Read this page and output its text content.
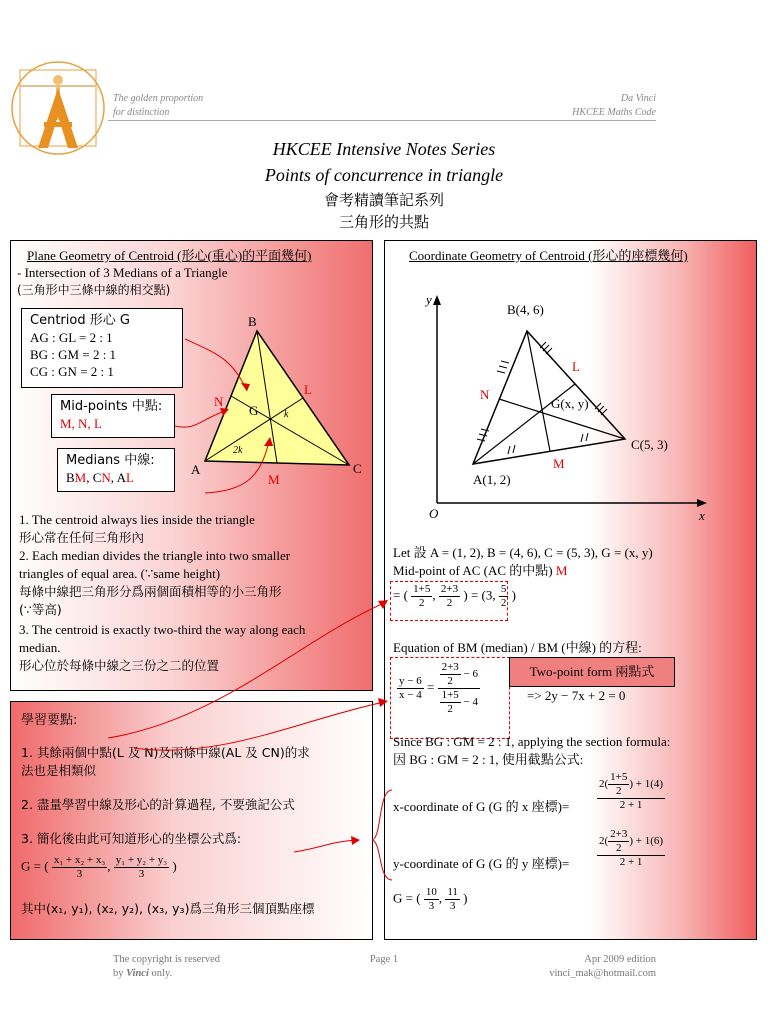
The golden proportion
for distinction
Da Vinci
HKCEE Maths Code
HKCEE Intensive Notes Series
Points of concurrence in triangle
會考精讀筆記系列
三角形的共點
Plane Geometry of Centroid (形心(重心)的平面幾何)
- Intersection of 3 Medians of a Triangle
(三角形中三條中線的相交點)
B
A	C
G
L
N
M
k
2k
Centriod 形心 G
AG : GL = 2 : 1
BG : GM = 2 : 1
CG : GN = 2 : 1
Mid-points 中點:
M, N, L
Medians 中線:
BM, CN, AL
1. The centroid always lies inside the triangle
形心常在任何三角形內
2. Each median divides the triangle into two smaller
triangles of equal area. (∵same height)
每條中線把三角形分爲兩個面積相等的小三角形
(∵等高)
3. The centroid is exactly two-third the way along each
median.
形心位於每條中線之三份之二的位置
學習要點:
1. 其餘兩個中點(L 及 N)及兩條中線(AL 及 CN)的求
法也是相類似
2. 盡量學習中線及形心的計算過程, 不要強記公式
3. 簡化後由此可知道形心的坐標公式爲:
G = ( $\frac{\text{x₁ + x₂ + x₃}}{3}$ , $\frac{\text{y₁ + y₂ + y₃}}{3}$ )
其中(x₁, y₁), (x₂, y₂), (x₃, y₃)爲三角形三個頂點座標
Coordinate Geometry of Centroid (形心的座標幾何)
y
x
O
B(4, 6)
C(5, 3)
A(1, 2)
G(x, y)
L
N
M
Let 設 A = (1, 2), B = (4, 6), C = (5, 3), G = (x, y)
Mid-point of AC (AC 的中點) M
= ( $\frac{1+5}{2}$ , $\frac{2+3}{2}$ ) = (3, $\frac{5}{2}$ )
Equation of BM (median) / BM (中線) 的方程:
$\frac{y - 6}{x - 4} = \frac{\frac{2+3}{2} - 6}{\frac{1+5}{2} - 4}$	Two-point form 兩點式
=> 2y − 7x + 2 = 0
Since BG : GM = 2 : 1, applying the section formula:
因 BG : GM = 2 : 1, 使用截點公式:
x-coordinate of G (G 的 x 座標)=	$\frac{2( \frac{1+5}{2} ) + 1(4)}{2 + 1}$
y-coordinate of G (G 的 y 座標)=	$\frac{2( \frac{2+3}{2} ) + 1(6)}{2 + 1}$
G = ( $\frac{10}{3}$ , $\frac{11}{3}$ )
The copyright is reserved
by Vinci only.
Page 1	Apr 2009 edition
vinci_mak@hotmail.com
